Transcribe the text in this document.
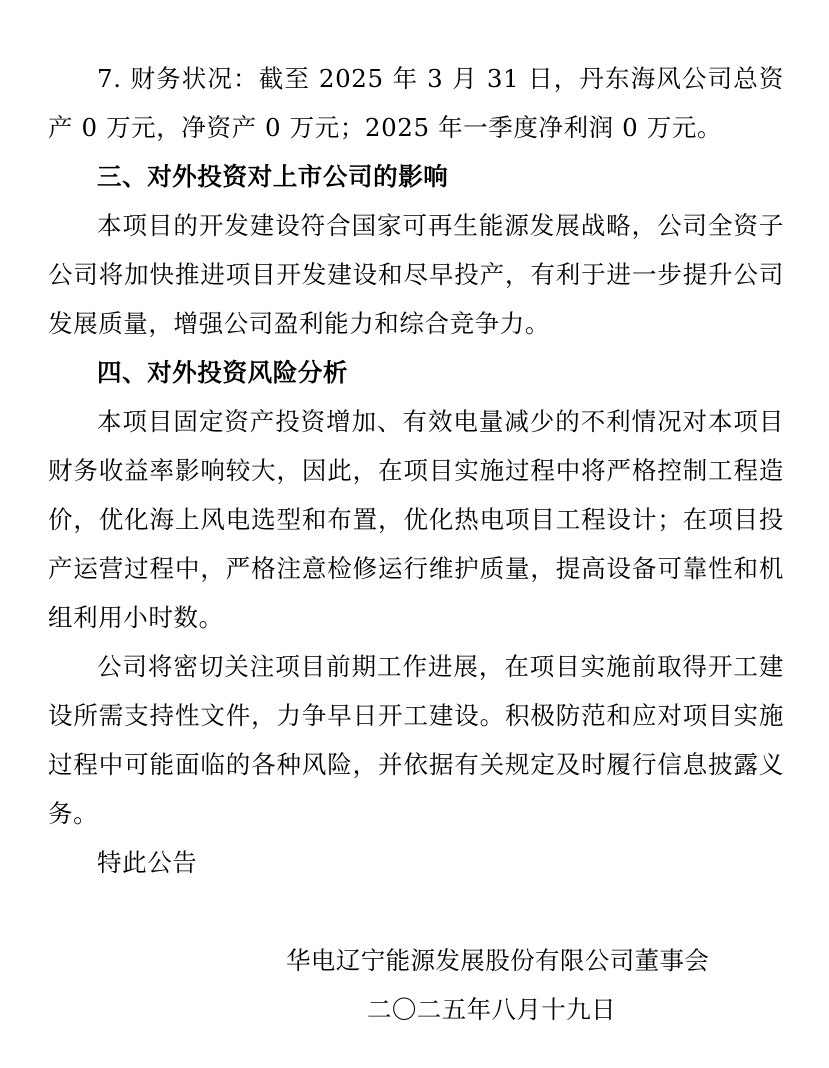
7. 财务状况：截至 2025 年 3 月 31 日，丹东海风公司总资产 0 万元，净资产 0 万元；2025 年一季度净利润 0 万元。

三、对外投资对上市公司的影响

本项目的开发建设符合国家可再生能源发展战略，公司全资子公司将加快推进项目开发建设和尽早投产，有利于进一步提升公司发展质量，增强公司盈利能力和综合竞争力。

四、对外投资风险分析

本项目固定资产投资增加、有效电量减少的不利情况对本项目财务收益率影响较大，因此，在项目实施过程中将严格控制工程造价，优化海上风电选型和布置，优化热电项目工程设计；在项目投产运营过程中，严格注意检修运行维护质量，提高设备可靠性和机组利用小时数。

公司将密切关注项目前期工作进展，在项目实施前取得开工建设所需支持性文件，力争早日开工建设。积极防范和应对项目实施过程中可能面临的各种风险，并依据有关规定及时履行信息披露义务。

特此公告

华电辽宁能源发展股份有限公司董事会

二〇二五年八月十九日
